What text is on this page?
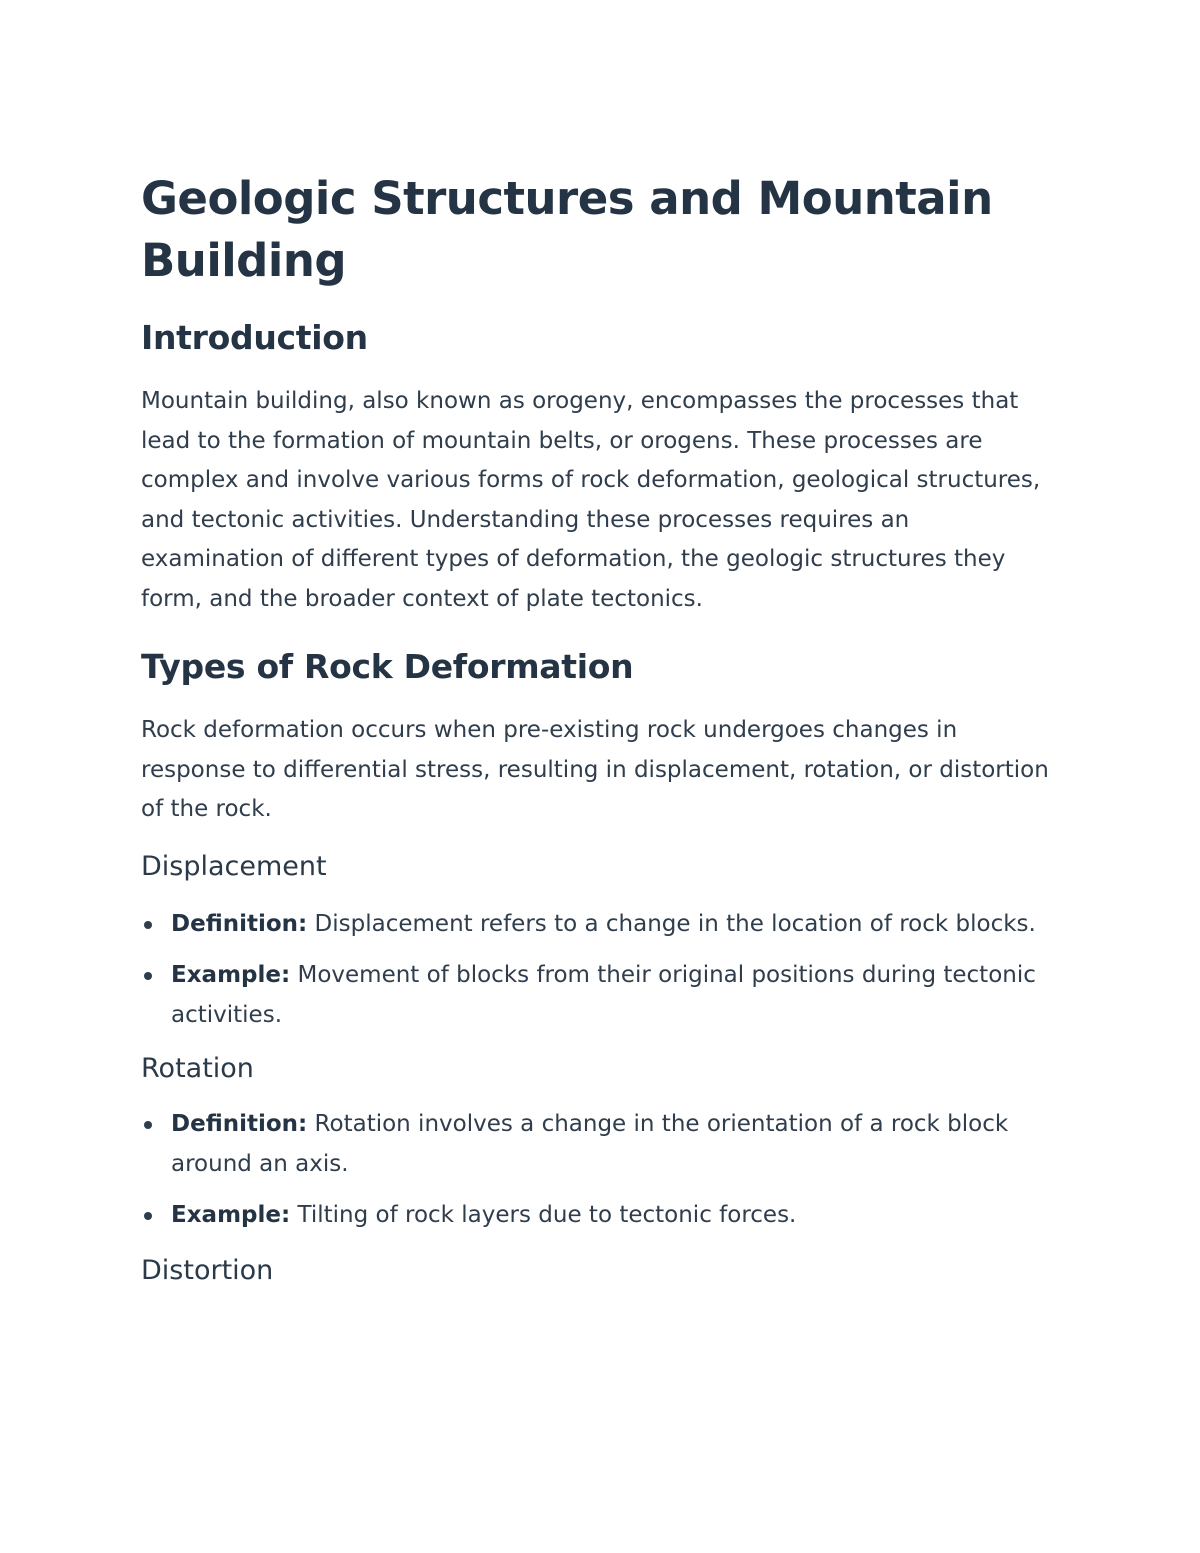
Geologic Structures and Mountain Building
Introduction

Mountain building, also known as orogeny, encompasses the processes that lead to the formation of mountain belts, or orogens. These processes are complex and involve various forms of rock deformation, geological structures, and tectonic activities. Understanding these processes requires an examination of different types of deformation, the geologic structures they form, and the broader context of plate tectonics.

Types of Rock Deformation

Rock deformation occurs when pre-existing rock undergoes changes in response to differential stress, resulting in displacement, rotation, or distortion of the rock.

Displacement
Definition: Displacement refers to a change in the location of rock blocks.
Example: Movement of blocks from their original positions during tectonic activities.
Rotation
Definition: Rotation involves a change in the orientation of a rock block around an axis.
Example: Tilting of rock layers due to tectonic forces.
Distortion
